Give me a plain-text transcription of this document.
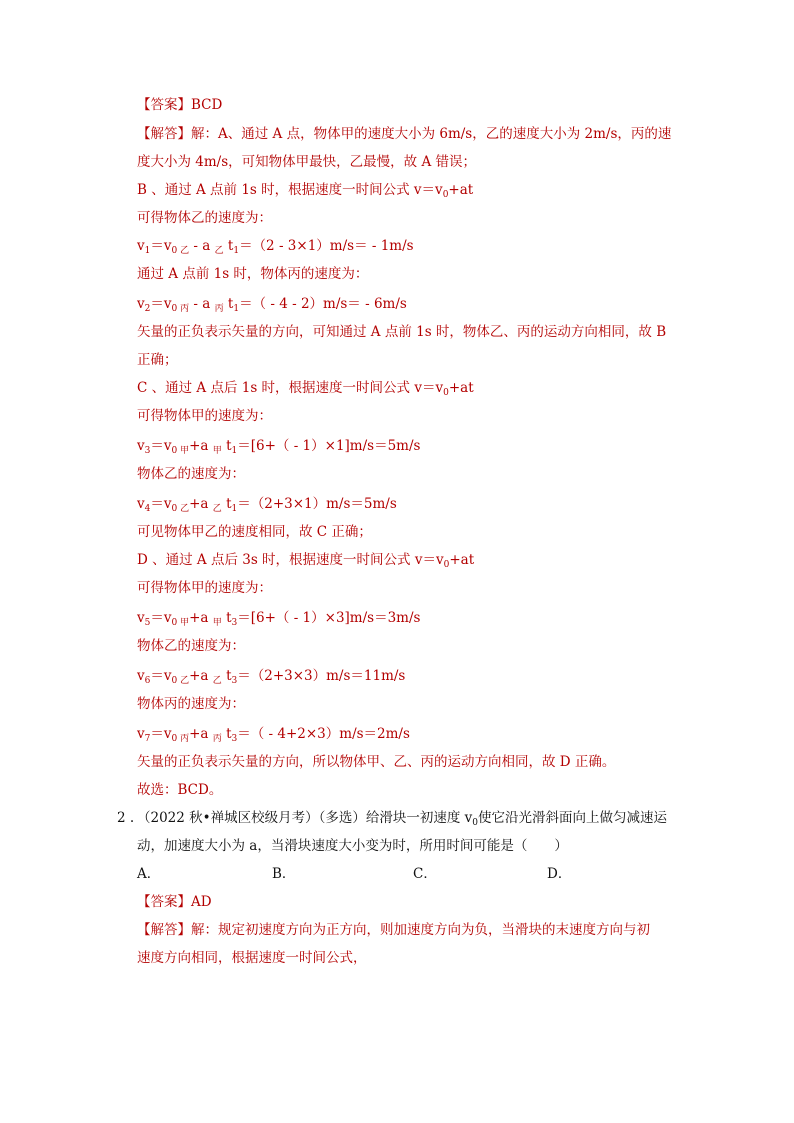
【答案】BCD
【解答】解：A、通过 A 点，物体甲的速度大小为 6m/s，乙的速度大小为 2m/s，丙的速
度大小为 4m/s，可知物体甲最快，乙最慢，故 A 错误；
B 、通过 A 点前 1s 时，根据速度一时间公式 $v=v_0+at$
可得物体乙的速度为：
$v_1=v_{0 乙} - a$ $_乙$ $t_1=(2 - 3\times 1)m/s= - 1m/s$
通过 A 点前 1s 时，物体丙的速度为：
$v_2=v_{0 丙} - a$ $_丙$ $t_1=( - 4 - 2)m/s= - 6m/s$
矢量的正负表示矢量的方向，可知通过 A 点前 1s 时，物体乙、丙的运动方向相同，故 B
正确；
C 、通过 A 点后 1s 时，根据速度一时间公式 $v=v_0+at$
可得物体甲的速度为：
$v_3=v_{0 甲}+a$ $_甲$ $t_1=[6+( - 1)\times 1]m/s=5m/s$
物体乙的速度为：
$v_4=v_{0 乙}+a$ $_乙$ $t_1=(2+3\times 1)m/s=5m/s$
可见物体甲乙的速度相同，故 C 正确；
D 、通过 A 点后 3s 时，根据速度一时间公式 $v=v_0+at$
可得物体甲的速度为：
$v_5=v_{0 甲}+a$ $_甲$ $t_3=[6+( - 1)\times 3]m/s=3m/s$
物体乙的速度为：
$v_6=v_{0 乙}+a$ $_乙$ $t_3=(2+3\times 3)m/s=11m/s$
物体丙的速度为：
$v_7=v_{0 丙}+a$ $_丙$ $t_3=( - 4+2\times 3)m/s=2m/s$
矢量的正负表示矢量的方向，所以物体甲、乙、丙的运动方向相同，故 D 正确。
故选：BCD。
2 . （2022 秋•禅城区校级月考）（多选）给滑块一初速度 $v_0$使它沿光滑斜面向上做匀减速运
动，加速度大小为 a，当滑块速度大小变为时，所用时间可能是（　　）
A．	B．	C．	D．
【答案】AD
【解答】解：规定初速度方向为正方向，则加速度方向为负，当滑块的末速度方向与初
速度方向相同，根据速度一时间公式，
